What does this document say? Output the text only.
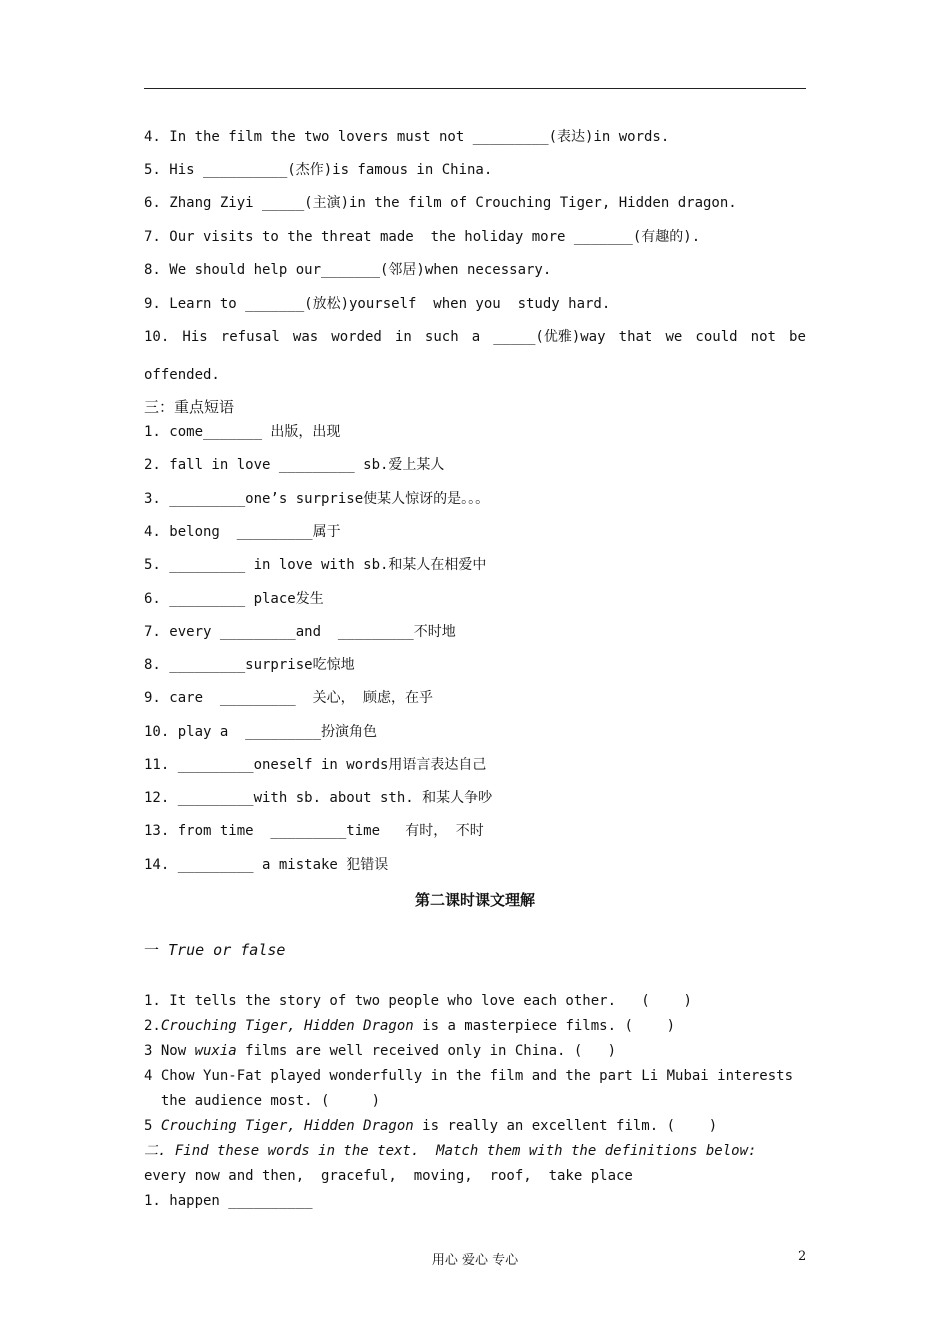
4. In the film the two lovers must not _________(表达)in words.
5. His __________(杰作)is famous in China.
6. Zhang Ziyi _____(主演)in the film of Crouching Tiger, Hidden dragon.
7. Our visits to the threat made  the holiday more _______(有趣的).
8. We should help our_______(邻居)when necessary.
9. Learn to _______(放松)yourself  when you  study hard.
10. His refusal was worded in such a _____(优雅)way that we could not be
offended.
三：重点短语
1. come_______ 出版，出现
2. fall in love _________ sb.爱上某人
3. _________one’s surprise使某人惊讶的是。。。
4. belong  _________属于
5. _________ in love with sb.和某人在相爱中
6. _________ place发生
7. every _________and  _________不时地
8. _________surprise吃惊地
9. care  _________  关心， 顾虑，在乎
10. play a  _________扮演角色
11. _________oneself in words用语言表达自己
12. _________with sb. about sth. 和某人争吵
13. from time  _________time   有时， 不时
14. _________ a mistake 犯错误
第二课时课文理解
一 True or false
1. It tells the story of two people who love each other.   (    )
2.Crouching Tiger, Hidden Dragon is a masterpiece films. (    )
3 Now wuxia films are well received only in China. (   )
4 Chow Yun-Fat played wonderfully in the film and the part Li Mubai interests
the audience most. (     )
5 Crouching Tiger, Hidden Dragon is really an excellent film. (    )
二. Find these words in the text.  Match them with the definitions below:
every now and then,  graceful,  moving,  roof,  take place
1. happen __________
用心 爱心 专心	2
